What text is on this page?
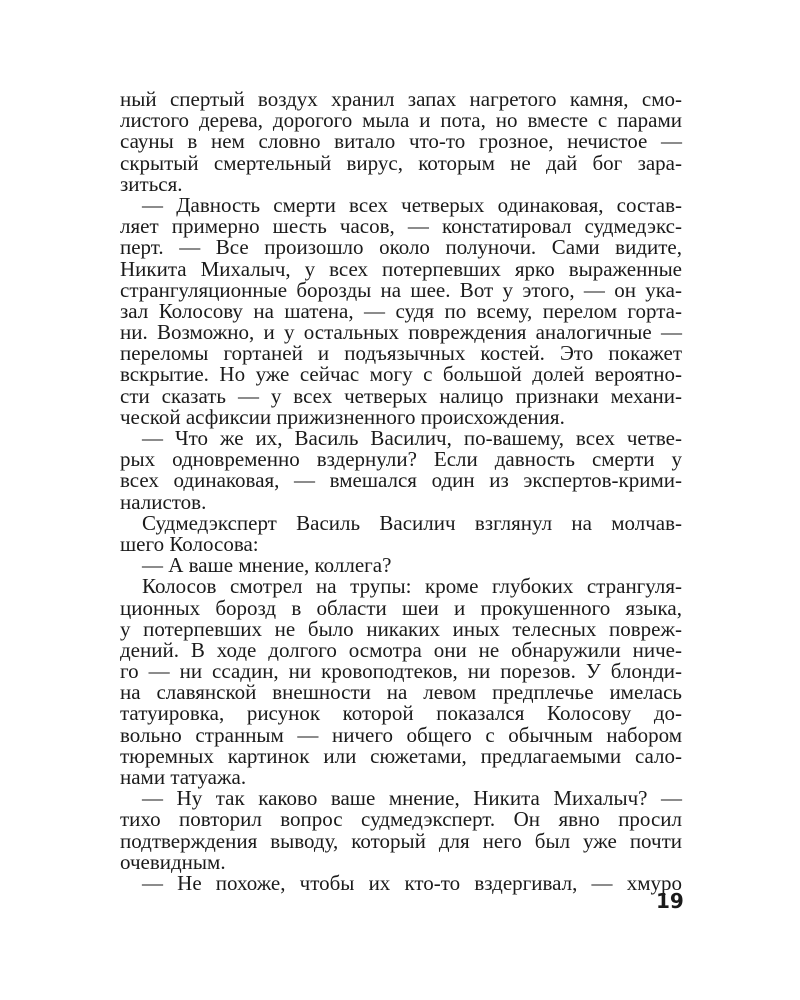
ный спертый воздух хранил запах нагретого камня, смо-
листого дерева, дорогого мыла и пота, но вместе с парами
сауны в нем словно витало что-то грозное, нечистое —
скрытый смертельный вирус, которым не дай бог зара-
зиться.
— Давность смерти всех четверых одинаковая, состав-
ляет примерно шесть часов, — констатировал судмедэкс-
перт. — Все произошло около полуночи. Сами видите,
Никита Михалыч, у всех потерпевших ярко выраженные
странгуляционные борозды на шее. Вот у этого, — он ука-
зал Колосову на шатена, — судя по всему, перелом горта-
ни. Возможно, и у остальных повреждения аналогичные —
переломы гортаней и подъязычных костей. Это покажет
вскрытие. Но уже сейчас могу с большой долей вероятно-
сти сказать — у всех четверых налицо признаки механи-
ческой асфиксии прижизненного происхождения.
— Что же их, Василь Василич, по-вашему, всех четве-
рых одновременно вздернули? Если давность смерти у
всех одинаковая, — вмешался один из экспертов-крими-
налистов.
Судмедэксперт Василь Василич взглянул на молчав-
шего Колосова:
— А ваше мнение, коллега?
Колосов смотрел на трупы: кроме глубоких странгуля-
ционных борозд в области шеи и прокушенного языка,
у потерпевших не было никаких иных телесных повреж-
дений. В ходе долгого осмотра они не обнаружили ниче-
го — ни ссадин, ни кровоподтеков, ни порезов. У блонди-
на славянской внешности на левом предплечье имелась
татуировка, рисунок которой показался Колосову до-
вольно странным — ничего общего с обычным набором
тюремных картинок или сюжетами, предлагаемыми сало-
нами татуажа.
— Ну так каково ваше мнение, Никита Михалыч? —
тихо повторил вопрос судмедэксперт. Он явно просил
подтверждения выводу, который для него был уже почти
очевидным.
— Не похоже, чтобы их кто-то вздергивал, — хмуро
19
